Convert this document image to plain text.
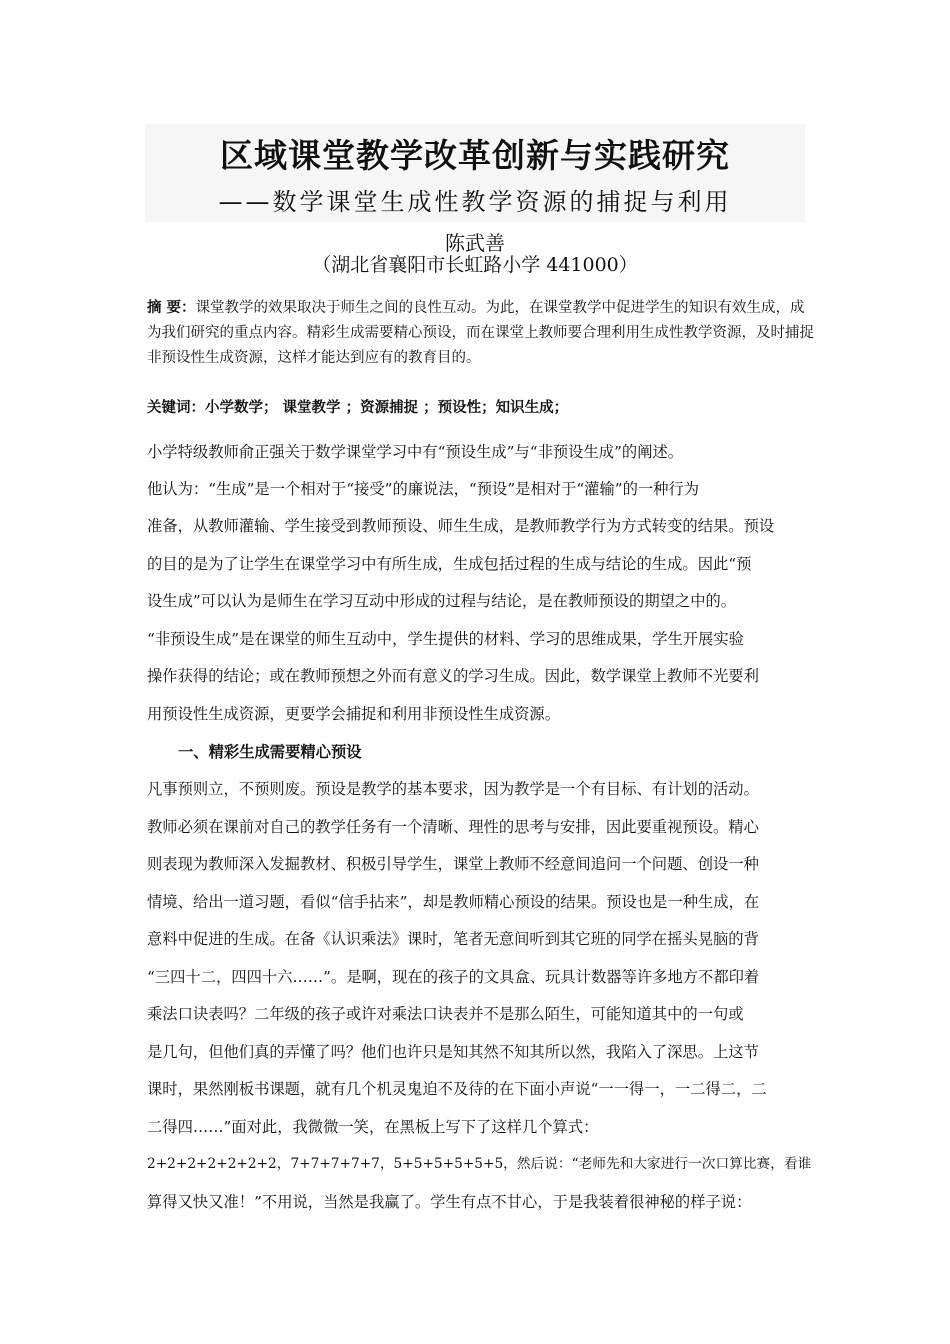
区域课堂教学改革创新与实践研究
——数学课堂生成性教学资源的捕捉与利用
陈武善
（湖北省襄阳市长虹路小学 441000）
摘 要：课堂教学的效果取决于师生之间的良性互动。为此，在课堂教学中促进学生的知识有效生成，成为我们研究的重点内容。精彩生成需要精心预设，而在课堂上教师要合理利用生成性教学资源，及时捕捉非预设性生成资源，这样才能达到应有的教育目的。
关键词：小学数学； 课堂教学 ；资源捕捉 ；预设性；知识生成；
小学特级教师俞正强关于数学课堂学习中有“预设生成”与“非预设生成”的阐述。
他认为：“生成”是一个相对于“接受”的廉说法，“预设”是相对于“灌输”的一种行为
准备，从教师灌输、学生接受到教师预设、师生生成，是教师教学行为方式转变的结果。预设
的目的是为了让学生在课堂学习中有所生成，生成包括过程的生成与结论的生成。因此“预
设生成”可以认为是师生在学习互动中形成的过程与结论，是在教师预设的期望之中的。
“非预设生成”是在课堂的师生互动中，学生提供的材料、学习的思维成果，学生开展实验
操作获得的结论；或在教师预想之外而有意义的学习生成。因此，数学课堂上教师不光要利
用预设性生成资源，更要学会捕捉和利用非预设性生成资源。
一、精彩生成需要精心预设
凡事预则立，不预则废。预设是教学的基本要求，因为教学是一个有目标、有计划的活动。
教师必须在课前对自己的教学任务有一个清晰、理性的思考与安排，因此要重视预设。精心
则表现为教师深入发掘教材、积极引导学生，课堂上教师不经意间追问一个问题、创设一种
情境、给出一道习题，看似“信手拈来”，却是教师精心预设的结果。预设也是一种生成，在
意料中促进的生成。在备《认识乘法》课时，笔者无意间听到其它班的同学在摇头晃脑的背
“三四十二，四四十六……”。是啊，现在的孩子的文具盒、玩具计数器等许多地方不都印着
乘法口诀表吗？二年级的孩子或许对乘法口诀表并不是那么陌生，可能知道其中的一句或
是几句，但他们真的弄懂了吗？他们也许只是知其然不知其所以然，我陷入了深思。上这节
课时，果然刚板书课题，就有几个机灵鬼迫不及待的在下面小声说“一一得一，一二得二，二
二得四……”面对此，我微微一笑，在黑板上写下了这样几个算式：
2+2+2+2+2+2+2，7+7+7+7+7，5+5+5+5+5+5，然后说：“老师先和大家进行一次口算比赛，看谁
算得又快又准！”不用说，当然是我赢了。学生有点不甘心，于是我装着很神秘的样子说：
